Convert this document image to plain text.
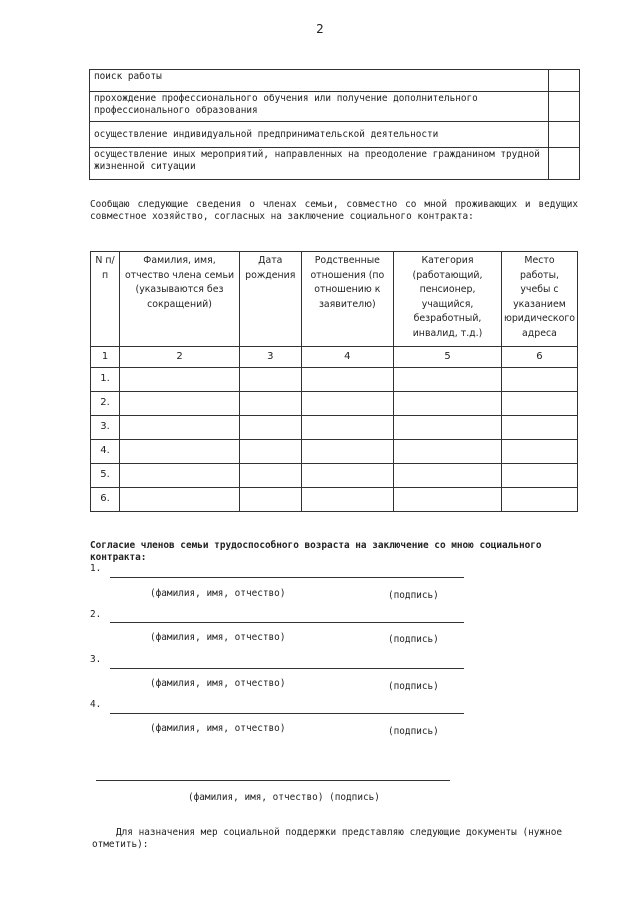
2
поиск работы	
прохождение профессионального обучения или получение дополнительного профессионального образования	
осуществление индивидуальной предпринимательской деятельности	
осуществление иных мероприятий, направленных на преодоление гражданином трудной жизненной ситуации	
Сообщаю следующие сведения о членах семьи, совместно со мной проживающих и ведущих совместное хозяйство, согласных на заключение социального контракта:
N п/п	Фамилия, имя, отчество члена семьи (указываются без сокращений)	Дата рождения	Родственные отношения (по отношению к заявителю)	Категория (работающий, пенсионер, учащийся, безработный, инвалид, т.д.)	Место работы, учебы с указанием юридического адреса
1	2	3	4	5	6
1.					
2.					
3.					
4.					
5.					
6.					
Согласие членов семьи трудоспособного возраста на заключение со мною социального контракта:
1.
(фамилия, имя, отчество)	(подпись)
2.
(фамилия, имя, отчество)	(подпись)
3.
(фамилия, имя, отчество)	(подпись)
4.
(фамилия, имя, отчество)	(подпись)
(фамилия, имя, отчество) (подпись)
Для назначения мер социальной поддержки представляю следующие документы (нужное отметить):
